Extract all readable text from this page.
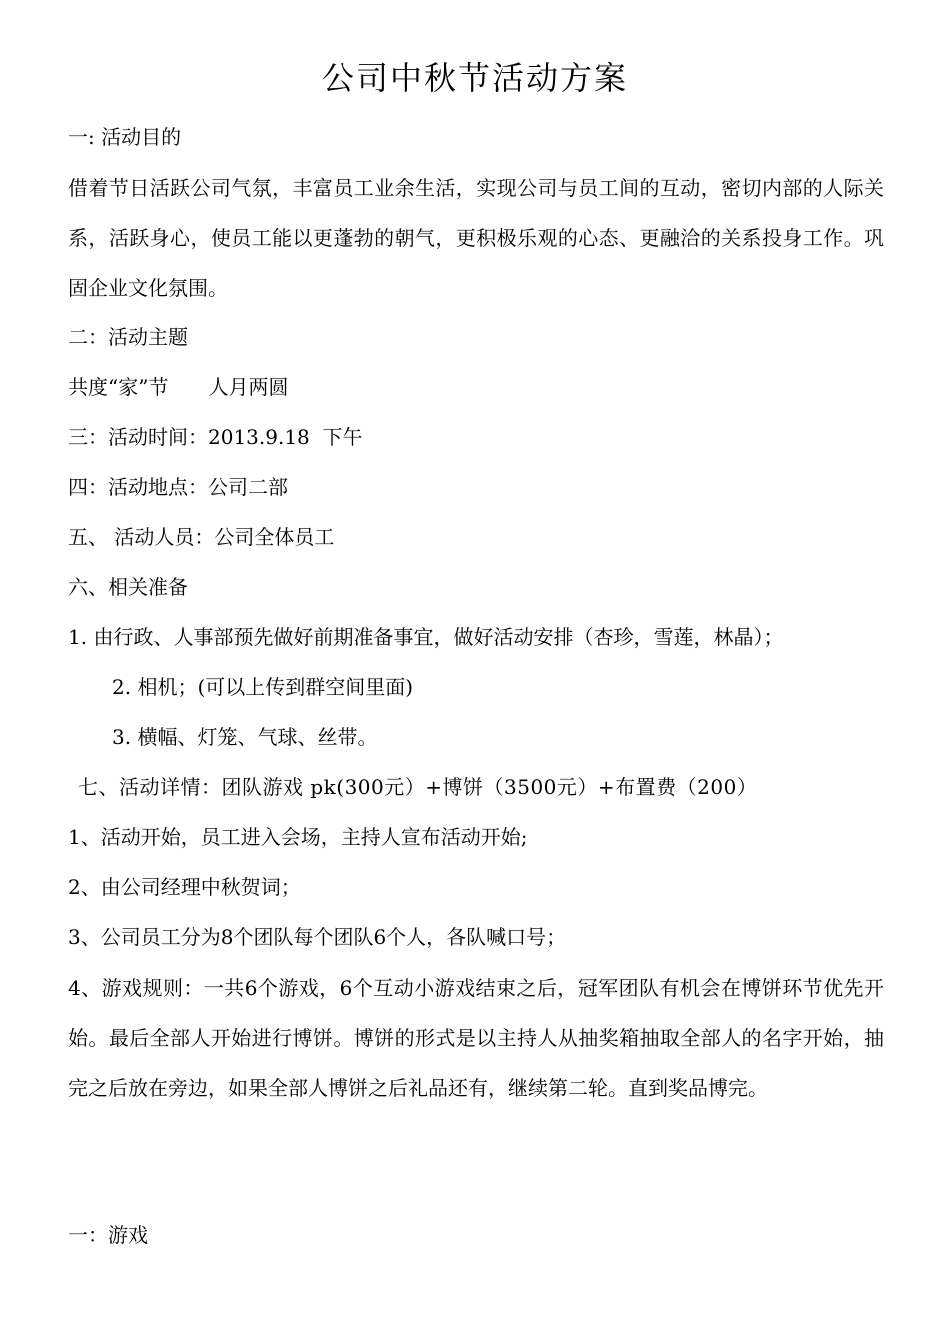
公司中秋节活动方案

一: 活动目的

借着节日活跃公司气氛，丰富员工业余生活，实现公司与员工间的互动，密切内部的人际关系，活跃身心，使员工能以更蓬勃的朝气，更积极乐观的心态、更融洽的关系投身工作。巩固企业文化氛围。

二：活动主题

共度“家”节　　人月两圆

三：活动时间：2013.9.18  下午

四：活动地点：公司二部

五、 活动人员：公司全体员工

六、相关准备

1. 由行政、人事部预先做好前期准备事宜，做好活动安排（杏珍，雪莲，林晶）；

2. 相机；(可以上传到群空间里面)

3. 横幅、灯笼、气球、丝带。

七、活动详情：团队游戏 pk(300元）+博饼（3500元）+布置费（200）

1、活动开始，员工进入会场，主持人宣布活动开始;

2、由公司经理中秋贺词；

3、公司员工分为8个团队每个团队6个人，各队喊口号；

4、游戏规则：一共6个游戏，6个互动小游戏结束之后，冠军团队有机会在博饼环节优先开始。最后全部人开始进行博饼。博饼的形式是以主持人从抽奖箱抽取全部人的名字开始，抽完之后放在旁边，如果全部人博饼之后礼品还有，继续第二轮。直到奖品博完。

一：游戏
